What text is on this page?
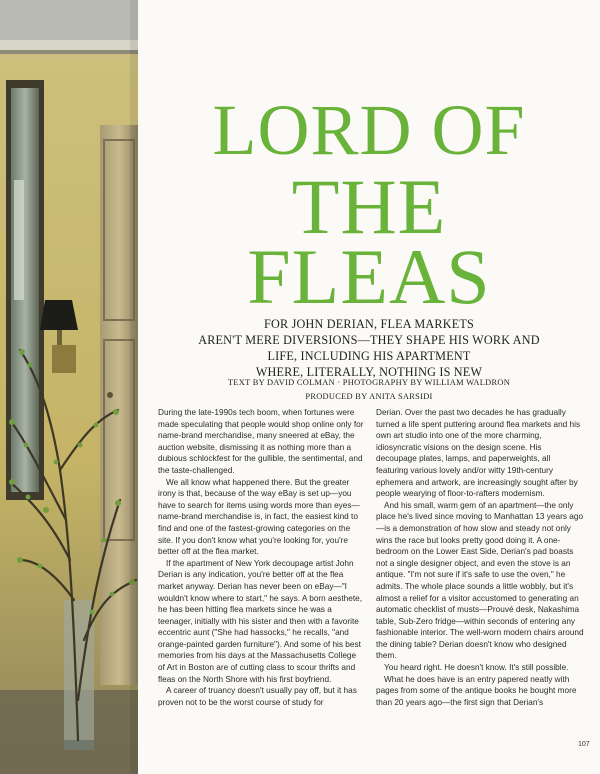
LORD OF
THE
FLEAS
FOR JOHN DERIAN, FLEA MARKETS
AREN'T MERE DIVERSIONS—THEY SHAPE HIS WORK AND
LIFE, INCLUDING HIS APARTMENT
WHERE, LITERALLY, NOTHING IS NEW
TEXT BY DAVID COLMAN · PHOTOGRAPHY BY WILLIAM WALDRON
PRODUCED BY ANITA SARSIDI

During the late-1990s tech boom, when fortunes were made speculating that people would shop online only for name-brand merchandise, many sneered at eBay, the auction website, dismissing it as nothing more than a dubious schlockfest for the gullible, the sentimental, and the taste-challenged.

We all know what happened there. But the greater irony is that, because of the way eBay is set up—you have to search for items using words more than eyes—name-brand merchandise is, in fact, the easiest kind to find and one of the fastest-growing categories on the site. If you don't know what you're looking for, you're better off at the flea market.

If the apartment of New York decoupage artist John Derian is any indication, you're better off at the flea market anyway. Derian has never been on eBay—"I wouldn't know where to start," he says. A born aesthete, he has been hitting flea markets since he was a teenager, initially with his sister and then with a favorite eccentric aunt ("She had hassocks," he recalls, "and orange-painted garden furniture"). And some of his best memories from his days at the Massachusetts College of Art in Boston are of cutting class to scour thrifts and fleas on the North Shore with his first boyfriend.

A career of truancy doesn't usually pay off, but it has proven not to be the worst course of study for

Derian. Over the past two decades he has gradually turned a life spent puttering around flea markets and his own art studio into one of the more charming, idiosyncratic visions on the design scene. His decoupage plates, lamps, and paperweights, all featuring various lovely and/or witty 19th-century ephemera and artwork, are increasingly sought after by people wearying of floor-to-rafters modernism.

And his small, warm gem of an apartment—the only place he's lived since moving to Manhattan 13 years ago—is a demonstration of how slow and steady not only wins the race but looks pretty good doing it. A one-bedroom on the Lower East Side, Derian's pad boasts not a single designer object, and even the stove is an antique. "I'm not sure if it's safe to use the oven," he admits. The whole place sounds a little wobbly, but it's almost a relief for a visitor accustomed to generating an automatic checklist of musts—Prouvé desk, Nakashima table, Sub-Zero fridge—within seconds of entering any fashionable interior. The well-worn modern chairs around the dining table? Derian doesn't know who designed them.

You heard right. He doesn't know. It's still possible.

What he does have is an entry papered neatly with pages from some of the antique books he bought more than 20 years ago—the first sign that Derian's

107
